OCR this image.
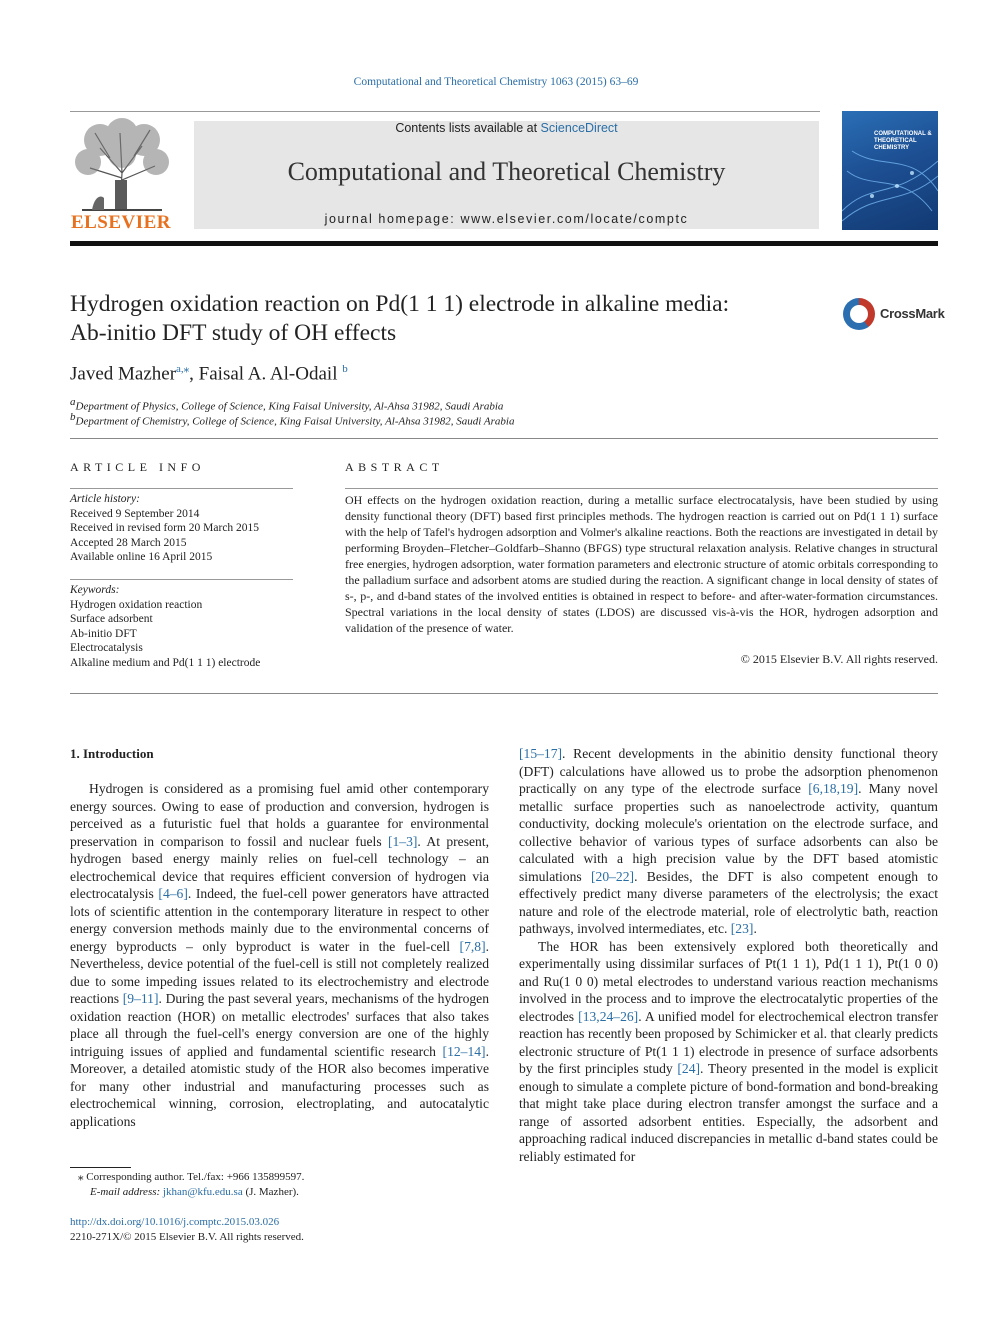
Computational and Theoretical Chemistry 1063 (2015) 63–69
ELSEVIER
Contents lists available at ScienceDirect
Computational and Theoretical Chemistry
journal homepage: www.elsevier.com/locate/comptc
COMPUTATIONAL & THEORETICAL CHEMISTRY
Hydrogen oxidation reaction on Pd(1 1 1) electrode in alkaline media:
Ab-initio DFT study of OH effects
CrossMark
Javed Mazher$^{a,⁎}$, Faisal A. Al-Odail $^b$
$^a$Department of Physics, College of Science, King Faisal University, Al-Ahsa 31982, Saudi Arabia
$^b$Department of Chemistry, College of Science, King Faisal University, Al-Ahsa 31982, Saudi Arabia
ARTICLE INFO	ABSTRACT
Article history:
Received 9 September 2014
Received in revised form 20 March 2015
Accepted 28 March 2015
Available online 16 April 2015
Keywords:
Hydrogen oxidation reaction
Surface adsorbent
Ab-initio DFT
Electrocatalysis
Alkaline medium and Pd(1 1 1) electrode
OH effects on the hydrogen oxidation reaction, during a metallic surface electrocatalysis, have been studied by using density functional theory (DFT) based first principles methods. The hydrogen reaction is carried out on Pd(1 1 1) surface with the help of Tafel's hydrogen adsorption and Volmer's alkaline reactions. Both the reactions are investigated in detail by performing Broyden–Fletcher–Goldfarb–Shanno (BFGS) type structural relaxation analysis. Relative changes in structural free energies, hydrogen adsorption, water formation parameters and electronic structure of atomic orbitals corresponding to the palladium surface and adsorbent atoms are studied during the reaction. A significant change in local density of states of s-, p-, and d-band states of the involved entities is obtained in respect to before- and after-water-formation circumstances. Spectral variations in the local density of states (LDOS) are discussed vis-à-vis the HOR, hydrogen adsorption and validation of the presence of water.
© 2015 Elsevier B.V. All rights reserved.
1. Introduction

Hydrogen is considered as a promising fuel amid other contemporary energy sources. Owing to ease of production and conversion, hydrogen is perceived as a futuristic fuel that holds a guarantee for environmental preservation in comparison to fossil and nuclear fuels [1–3]. At present, hydrogen based energy mainly relies on fuel-cell technology – an electrochemical device that requires efficient conversion of hydrogen via electrocatalysis [4–6]. Indeed, the fuel-cell power generators have attracted lots of scientific attention in the contemporary literature in respect to other energy conversion methods mainly due to the environmental concerns of energy byproducts – only byproduct is water in the fuel-cell [7,8]. Nevertheless, device potential of the fuel-cell is still not completely realized due to some impeding issues related to its electrochemistry and electrode reactions [9–11]. During the past several years, mechanisms of the hydrogen oxidation reaction (HOR) on metallic electrodes' surfaces that also takes place all through the fuel-cell's energy conversion are one of the highly intriguing issues of applied and fundamental scientific research [12–14]. Moreover, a detailed atomistic study of the HOR also becomes imperative for many other industrial and manufacturing processes such as electrochemical winning, corrosion, electroplating, and autocatalytic applications

[15–17]. Recent developments in the abinitio density functional theory (DFT) calculations have allowed us to probe the adsorption phenomenon practically on any type of the electrode surface [6,18,19]. Many novel metallic surface properties such as nanoelectrode activity, quantum conductivity, docking molecule's orientation on the electrode surface, and collective behavior of various types of surface adsorbents can also be calculated with a high precision value by the DFT based atomistic simulations [20–22]. Besides, the DFT is also competent enough to effectively predict many diverse parameters of the electrolysis; the exact nature and role of the electrode material, role of electrolytic bath, reaction pathways, involved intermediates, etc. [23].

The HOR has been extensively explored both theoretically and experimentally using dissimilar surfaces of Pt(1 1 1), Pd(1 1 1), Pt(1 0 0) and Ru(1 0 0) metal electrodes to understand various reaction mechanisms involved in the process and to improve the electrocatalytic properties of the electrodes [13,24–26]. A unified model for electrochemical electron transfer reaction has recently been proposed by Schimicker et al. that clearly predicts electronic structure of Pt(1 1 1) electrode in presence of surface adsorbents by the first principles study [24]. Theory presented in the model is explicit enough to simulate a complete picture of bond-formation and bond-breaking that might take place during electron transfer amongst the surface and a range of assorted adsorbent entities. Especially, the adsorbent and approaching radical induced discrepancies in metallic d-band states could be reliably estimated for

⁎ Corresponding author. Tel./fax: +966 135899597.
E-mail address: jkhan@kfu.edu.sa (J. Mazher).
http://dx.doi.org/10.1016/j.comptc.2015.03.026
2210-271X/© 2015 Elsevier B.V. All rights reserved.
